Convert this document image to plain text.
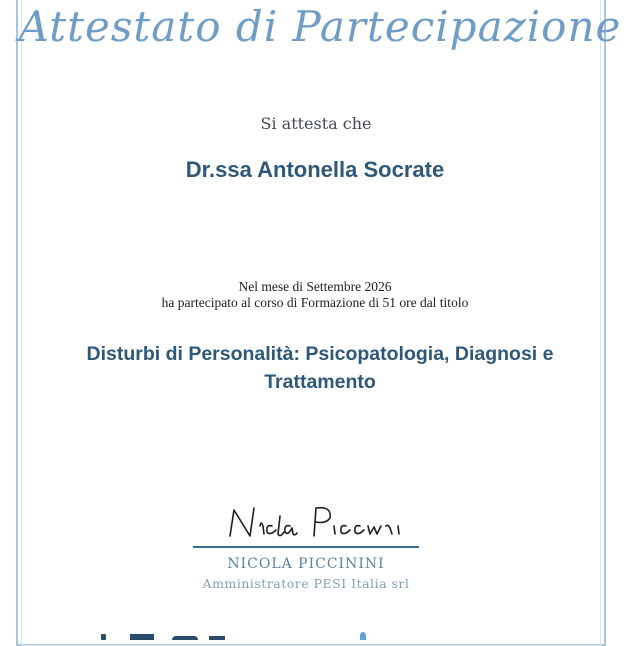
Attestato di Partecipazione
Si attesta che
Dr.ssa Antonella Socrate
Nel mese di Settembre 2026
ha partecipato al corso di Formazione di 51 ore dal titolo
Disturbi di Personalità: Psicopatologia, Diagnosi e Trattamento
NICOLA PICCININI
Amministratore PESI Italia srl
